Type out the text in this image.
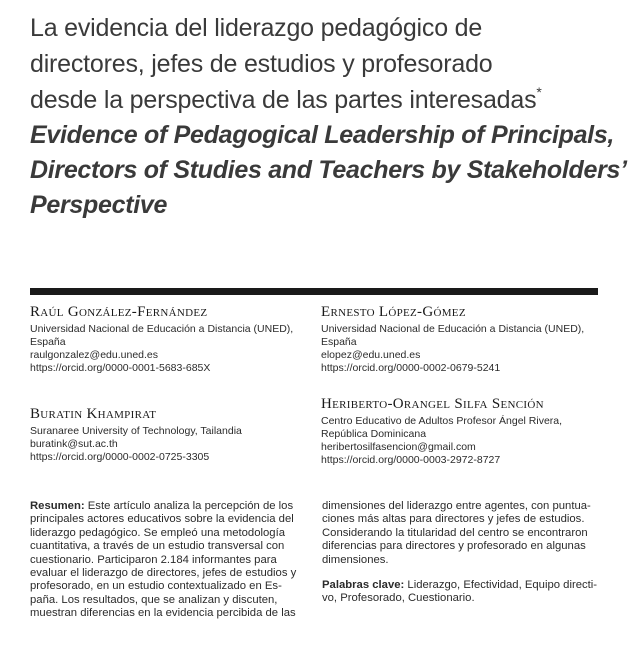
La evidencia del liderazgo pedagógico de
directores, jefes de estudios y profesorado
desde la perspectiva de las partes interesadas*
Evidence of Pedagogical Leadership of Principals,
Directors of Studies and Teachers by Stakeholders’
Perspective
Raúl González-Fernández
Universidad Nacional de Educación a Distancia (UNED),
España
raulgonzalez@edu.uned.es
https://orcid.org/0000-0001-5683-685X
Ernesto López-Gómez
Universidad Nacional de Educación a Distancia (UNED),
España
elopez@edu.uned.es
https://orcid.org/0000-0002-0679-5241
Buratin Khampirat
Suranaree University of Technology, Tailandia
buratink@sut.ac.th
https://orcid.org/0000-0002-0725-3305
Heriberto-Orangel Silfa Sención
Centro Educativo de Adultos Profesor Ángel Rivera,
República Dominicana
heribertosilfasencion@gmail.com
https://orcid.org/0000-0003-2972-8727
Resumen: Este artículo analiza la percepción de los
principales actores educativos sobre la evidencia del
liderazgo pedagógico. Se empleó una metodología
cuantitativa, a través de un estudio transversal con
cuestionario. Participaron 2.184 informantes para
evaluar el liderazgo de directores, jefes de estudios y
profesorado, en un estudio contextualizado en Es-
paña. Los resultados, que se analizan y discuten,
muestran diferencias en la evidencia percibida de las
dimensiones del liderazgo entre agentes, con puntua-
ciones más altas para directores y jefes de estudios.
Considerando la titularidad del centro se encontraron
diferencias para directores y profesorado en algunas
dimensiones.
Palabras clave: Liderazgo, Efectividad, Equipo directi-
vo, Profesorado, Cuestionario.
